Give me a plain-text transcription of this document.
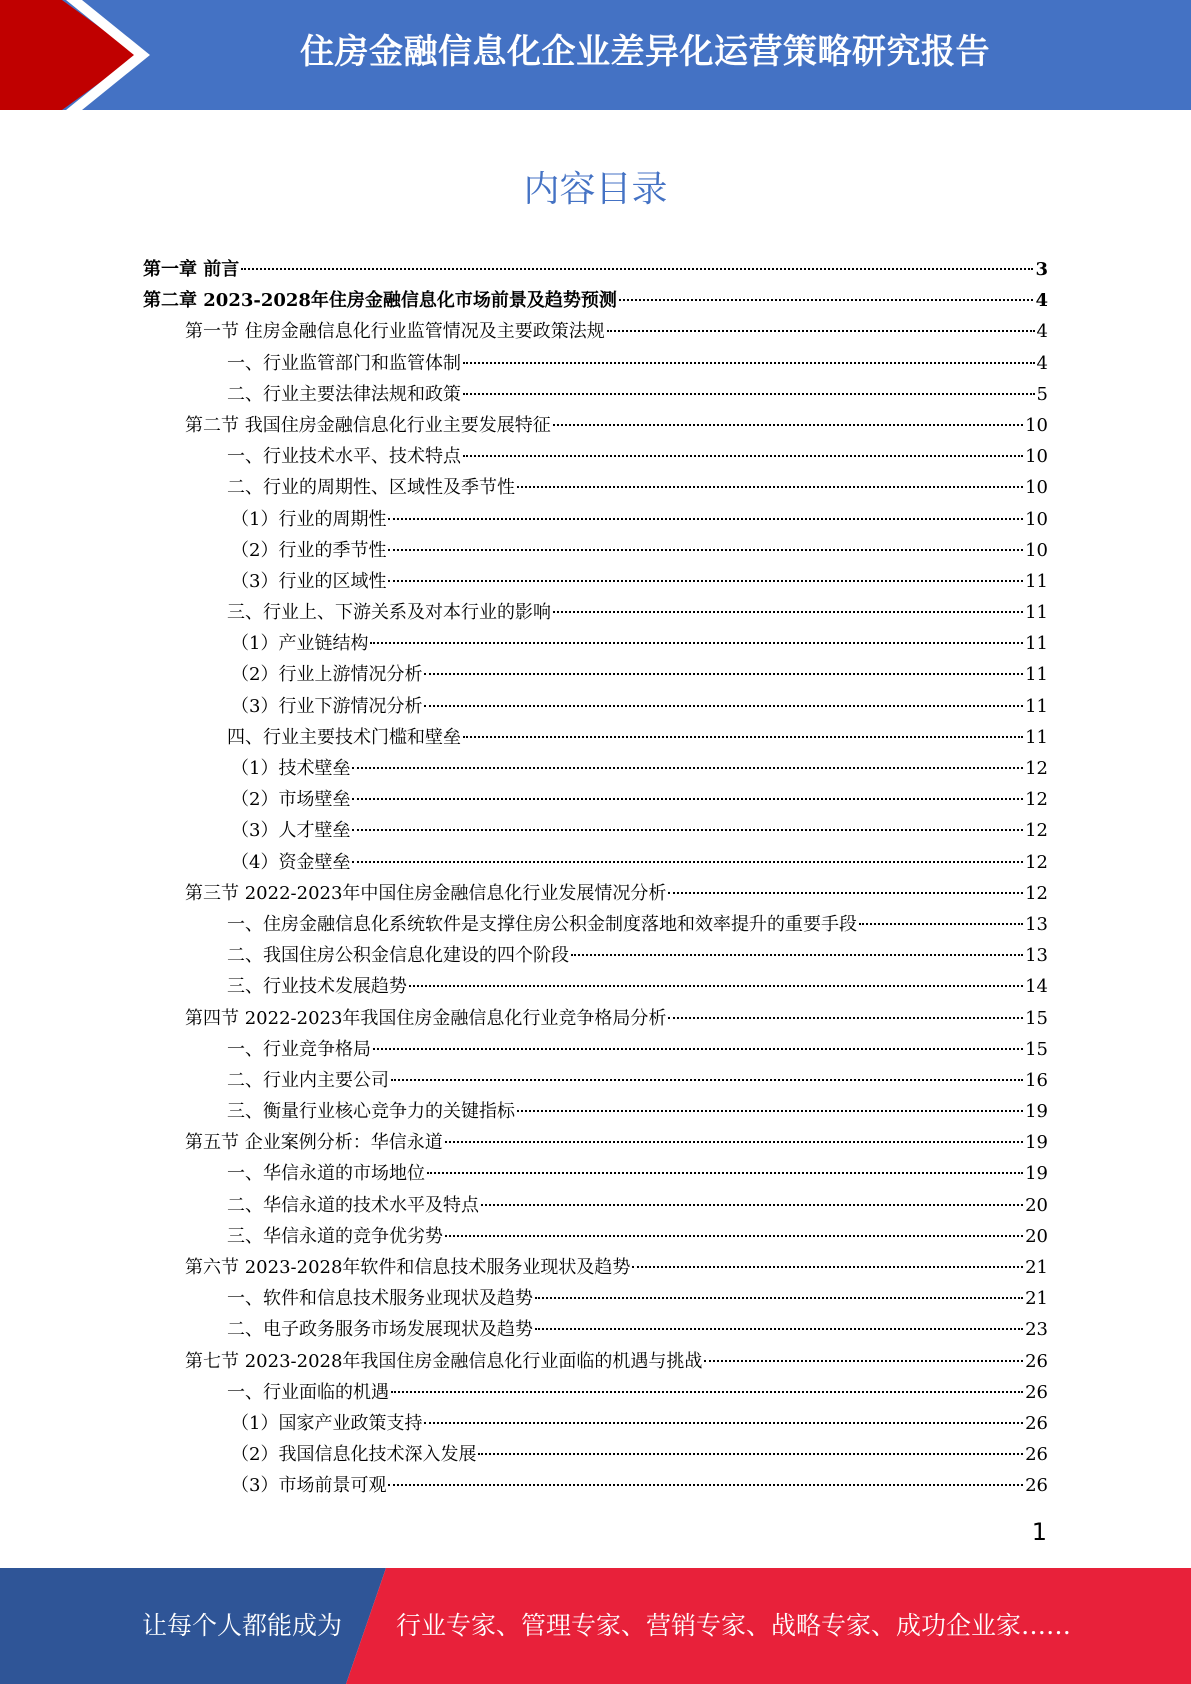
住房金融信息化企业差异化运营策略研究报告
内容目录
第一章 前言	3
第二章 2023-2028年住房金融信息化市场前景及趋势预测	4
第一节 住房金融信息化行业监管情况及主要政策法规	4
一、行业监管部门和监管体制	4
二、行业主要法律法规和政策	5
第二节 我国住房金融信息化行业主要发展特征	10
一、行业技术水平、技术特点	10
二、行业的周期性、区域性及季节性	10
（1）行业的周期性	10
（2）行业的季节性	10
（3）行业的区域性	11
三、行业上、下游关系及对本行业的影响	11
（1）产业链结构	11
（2）行业上游情况分析	11
（3）行业下游情况分析	11
四、行业主要技术门槛和壁垒	11
（1）技术壁垒	12
（2）市场壁垒	12
（3）人才壁垒	12
（4）资金壁垒	12
第三节 2022-2023年中国住房金融信息化行业发展情况分析	12
一、住房金融信息化系统软件是支撑住房公积金制度落地和效率提升的重要手段	13
二、我国住房公积金信息化建设的四个阶段	13
三、行业技术发展趋势	14
第四节 2022-2023年我国住房金融信息化行业竞争格局分析	15
一、行业竞争格局	15
二、行业内主要公司	16
三、衡量行业核心竞争力的关键指标	19
第五节 企业案例分析：华信永道	19
一、华信永道的市场地位	19
二、华信永道的技术水平及特点	20
三、华信永道的竞争优劣势	20
第六节 2023-2028年软件和信息技术服务业现状及趋势	21
一、软件和信息技术服务业现状及趋势	21
二、电子政务服务市场发展现状及趋势	23
第七节 2023-2028年我国住房金融信息化行业面临的机遇与挑战	26
一、行业面临的机遇	26
（1）国家产业政策支持	26
（2）我国信息化技术深入发展	26
（3）市场前景可观	26
1
让每个人都能成为 行业专家、管理专家、营销专家、战略专家、成功企业家……
